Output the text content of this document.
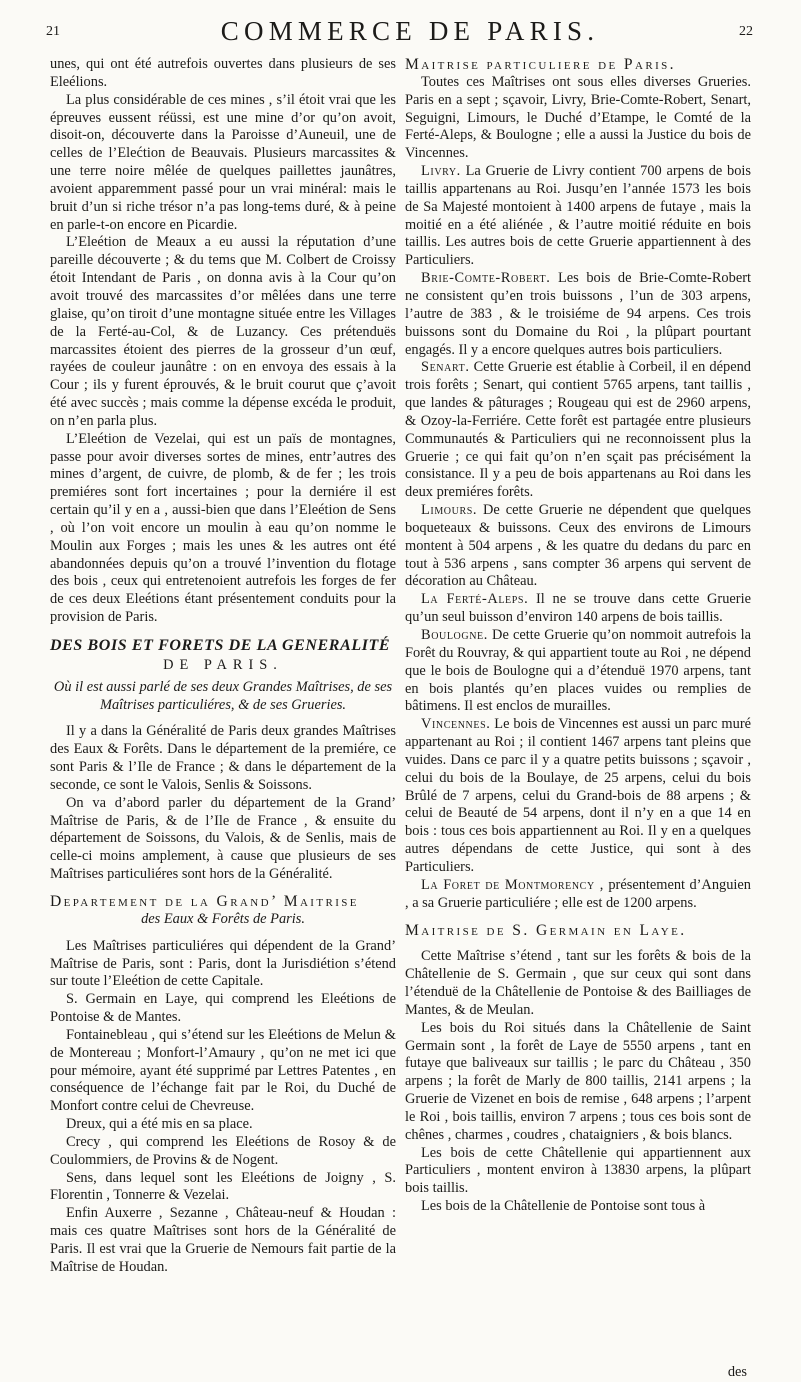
21	COMMERCE DE PARIS.	22

unes, qui ont été autrefois ouvertes dans plusieurs de ses Eleélions.

La plus considérable de ces mines , s’il étoit vrai que les épreuves eussent réüssi, est une mine d’or qu’on avoit, disoit-on, découverte dans la Paroisse d’Auneuil, une de celles de l’Elećtion de Beauvais. Plusieurs marcassites & une terre noire mêlée de quelques paillettes jaunâtres, avoient apparemment passé pour un vrai minéral: mais le bruit d’un si riche trésor n’a pas long-tems duré, & à peine en parle-t-on encore en Picardie.

L’Eleétion de Meaux a eu aussi la réputation d’une pareille découverte ; & du tems que M. Colbert de Croissy étoit Intendant de Paris , on donna avis à la Cour qu’on avoit trouvé des marcassites d’or mêlées dans une terre glaise, qu’on tiroit d’une montagne située entre les Villages de la Ferté-au-Col, & de Luzancy. Ces prétenduës marcassites étoient des pierres de la grosseur d’un œuf, rayées de couleur jaunâtre : on en envoya des essais à la Cour ; ils y furent éprouvés, & le bruit courut que ç’avoit été avec succès ; mais comme la dépense excéda le produit, on n’en parla plus.

L’Eleétion de Vezelai, qui est un païs de montagnes, passe pour avoir diverses sortes de mines, entr’autres des mines d’argent, de cuivre, de plomb, & de fer ; les trois premiéres sont fort incertaines ; pour la derniére il est certain qu’il y en a , aussi-bien que dans l’Eleétion de Sens , où l’on voit encore un moulin à eau qu’on nomme le Moulin aux Forges ; mais les unes & les autres ont été abandonnées depuis qu’on a trouvé l’invention du flotage des bois , ceux qui entretenoient autrefois les forges de fer de ces deux Eleétions étant présentement conduits pour la provision de Paris.

DES BOIS ET FORETS DE LA GENERALITÉ

DE PARIS.

Où il est aussi parlé de ses deux Grandes Maîtrises, de ses Maîtrises particuliéres, & de ses Grueries.

Il y a dans la Généralité de Paris deux grandes Maîtrises des Eaux & Forêts. Dans le département de la premiére, ce sont Paris & l’Ile de France ; & dans le département de la seconde, ce sont le Valois, Senlis & Soissons.

On va d’abord parler du département de la Grand’ Maîtrise de Paris, & de l’Ile de France , & ensuite du département de Soissons, du Valois, & de Senlis, mais de celle-ci moins amplement, à cause que plusieurs de ses Maîtrises particuliéres sont hors de la Généralité.

Departement de la Grand’ Maitrise

des Eaux & Forêts de Paris.

Les Maîtrises particuliéres qui dépendent de la Grand’ Maîtrise de Paris, sont : Paris, dont la Jurisdiétion s’étend sur toute l’Eleétion de cette Capitale.

S. Germain en Laye, qui comprend les Eleétions de Pontoise & de Mantes.

Fontainebleau , qui s’étend sur les Eleétions de Melun & de Montereau ; Monfort-l’Amaury , qu’on ne met ici que pour mémoire, ayant été supprimé par Lettres Patentes , en conséquence de l’échange fait par le Roi, du Duché de Monfort contre celui de Chevreuse.

Dreux, qui a été mis en sa place.

Crecy , qui comprend les Eleétions de Rosoy & de Coulommiers, de Provins & de Nogent.

Sens, dans lequel sont les Eleétions de Joigny , S. Florentin , Tonnerre & Vezelai.

Enfin Auxerre , Sezanne , Château-neuf & Houdan : mais ces quatre Maîtrises sont hors de la Généralité de Paris. Il est vrai que la Gruerie de Nemours fait partie de la Maîtrise de Houdan.

Maitrise particuliere de Paris.

Toutes ces Maîtrises ont sous elles diverses Grueries. Paris en a sept ; sçavoir, Livry, Brie-Comte-Robert, Senart, Seguigni, Limours, le Duché d’Etampe, le Comté de la Ferté-Aleps, & Boulogne ; elle a aussi la Justice du bois de Vincennes.

Livry. La Gruerie de Livry contient 700 arpens de bois taillis appartenans au Roi. Jusqu’en l’année 1573 les bois de Sa Majesté montoient à 1400 arpens de futaye , mais la moitié en a été aliénée , & l’autre moitié réduite en bois taillis. Les autres bois de cette Gruerie appartiennent à des Particuliers.

Brie-Comte-Robert. Les bois de Brie-Comte-Robert ne consistent qu’en trois buissons , l’un de 303 arpens, l’autre de 383 , & le troisiéme de 94 arpens. Ces trois buissons sont du Domaine du Roi , la plûpart pourtant engagés. Il y a encore quelques autres bois particuliers.

Senart. Cette Gruerie est établie à Corbeil, il en dépend trois forêts ; Senart, qui contient 5765 arpens, tant taillis , que landes & pâturages ; Rougeau qui est de 2960 arpens, & Ozoy-la-Ferriére. Cette forêt est partagée entre plusieurs Communautés & Particuliers qui ne reconnoissent plus la Gruerie ; ce qui fait qu’on n’en sçait pas précisément la consistance. Il y a peu de bois appartenans au Roi dans les deux premiéres forêts.

Limours. De cette Gruerie ne dépendent que quelques boqueteaux & buissons. Ceux des environs de Limours montent à 504 arpens , & les quatre du dedans du parc en tout à 536 arpens , sans compter 36 arpens qui servent de décoration au Château.

La Ferté-Aleps. Il ne se trouve dans cette Gruerie qu’un seul buisson d’environ 140 arpens de bois taillis.

Boulogne. De cette Gruerie qu’on nommoit autrefois la Forêt du Rouvray, & qui appartient toute au Roi , ne dépend que le bois de Boulogne qui a d’étenduë 1970 arpens, tant en bois plantés qu’en places vuides ou remplies de bâtimens. Il est enclos de murailles.

Vincennes. Le bois de Vincennes est aussi un parc muré appartenant au Roi ; il contient 1467 arpens tant pleins que vuides. Dans ce parc il y a quatre petits buissons ; sçavoir , celui du bois de la Boulaye, de 25 arpens, celui du bois Brûlé de 7 arpens, celui du Grand-bois de 88 arpens ; & celui de Beauté de 54 arpens, dont il n’y en a que 14 en bois : tous ces bois appartiennent au Roi. Il y en a quelques autres dépendans de cette Justice, qui sont à des Particuliers.

La Foret de Montmorency , présentement d’Anguien , a sa Gruerie particuliére ; elle est de 1200 arpens.

Maitrise de S. Germain en Laye.

Cette Maîtrise s’étend , tant sur les forêts & bois de la Châtellenie de S. Germain , que sur ceux qui sont dans l’étenduë de la Châtellenie de Pontoise & des Bailliages de Mantes, & de Meulan.

Les bois du Roi situés dans la Châtellenie de Saint Germain sont , la forêt de Laye de 5550 arpens , tant en futaye que baliveaux sur taillis ; le parc du Château , 350 arpens ; la forêt de Marly de 800 taillis, 2141 arpens ; la Gruerie de Vizenet en bois de remise , 648 arpens ; l’arpent le Roi , bois taillis, environ 7 arpens ; tous ces bois sont de chênes , charmes , coudres , chataigniers , & bois blancs.

Les bois de cette Châtellenie qui appartiennent aux Particuliers , montent environ à 13830 arpens, la plûpart bois taillis.

Les bois de la Châtellenie de Pontoise sont tous à

des
